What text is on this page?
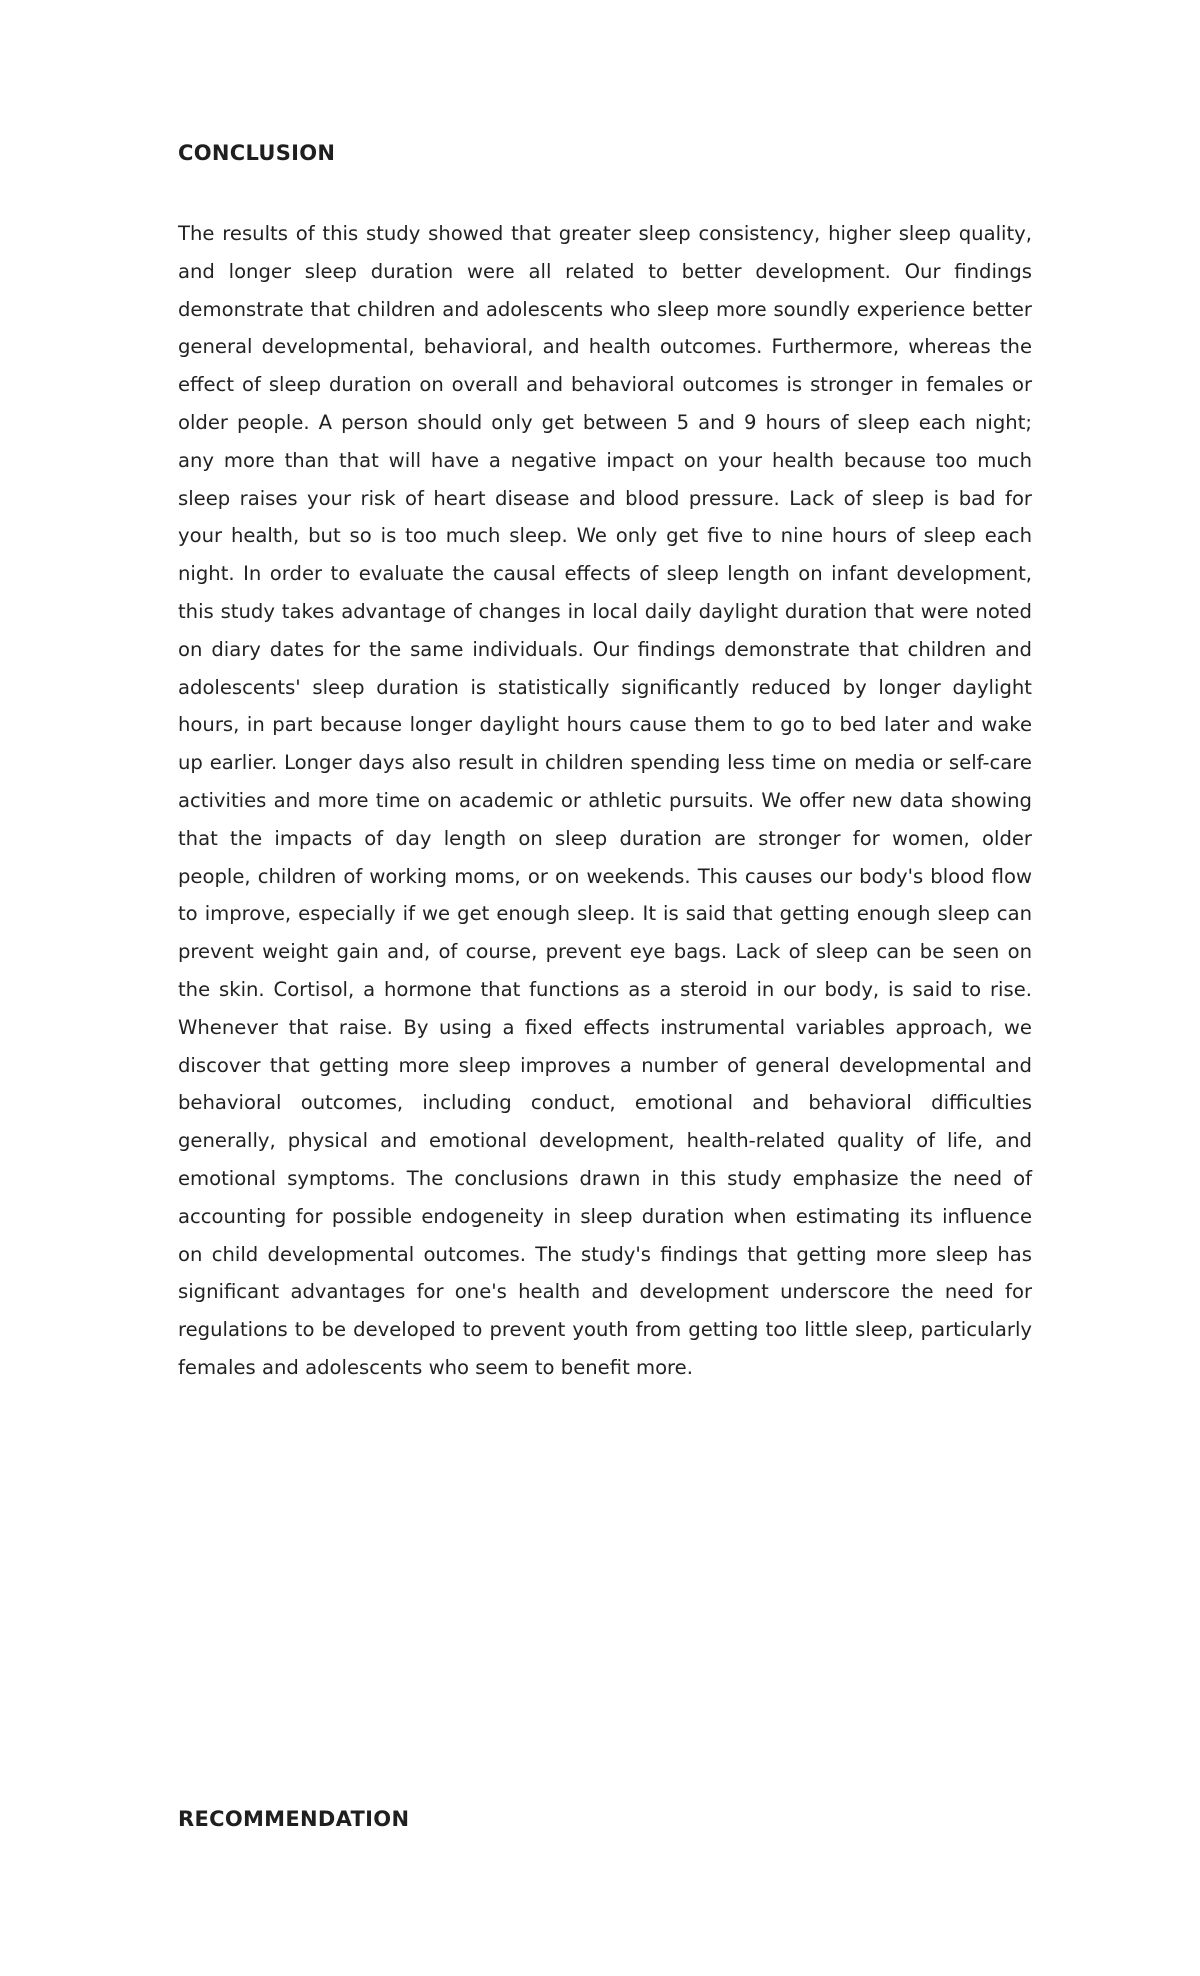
CONCLUSION

The results of this study showed that greater sleep consistency, higher sleep quality, and longer sleep duration were all related to better development. Our findings demonstrate that children and adolescents who sleep more soundly experience better general developmental, behavioral, and health outcomes. Furthermore, whereas the effect of sleep duration on overall and behavioral outcomes is stronger in females or older people. A person should only get between 5 and 9 hours of sleep each night; any more than that will have a negative impact on your health because too much sleep raises your risk of heart disease and blood pressure. Lack of sleep is bad for your health, but so is too much sleep. We only get five to nine hours of sleep each night. In order to evaluate the causal effects of sleep length on infant development, this study takes advantage of changes in local daily daylight duration that were noted on diary dates for the same individuals. Our findings demonstrate that children and adolescents' sleep duration is statistically significantly reduced by longer daylight hours, in part because longer daylight hours cause them to go to bed later and wake up earlier. Longer days also result in children spending less time on media or self-care activities and more time on academic or athletic pursuits. We offer new data showing that the impacts of day length on sleep duration are stronger for women, older people, children of working moms, or on weekends. This causes our body's blood flow to improve, especially if we get enough sleep. It is said that getting enough sleep can prevent weight gain and, of course, prevent eye bags. Lack of sleep can be seen on the skin. Cortisol, a hormone that functions as a steroid in our body, is said to rise. Whenever that raise. By using a fixed effects instrumental variables approach, we discover that getting more sleep improves a number of general developmental and behavioral outcomes, including conduct, emotional and behavioral difficulties generally, physical and emotional development, health-related quality of life, and emotional symptoms. The conclusions drawn in this study emphasize the need of accounting for possible endogeneity in sleep duration when estimating its influence on child developmental outcomes. The study's findings that getting more sleep has significant advantages for one's health and development underscore the need for regulations to be developed to prevent youth from getting too little sleep, particularly females and adolescents who seem to benefit more.

RECOMMENDATION
